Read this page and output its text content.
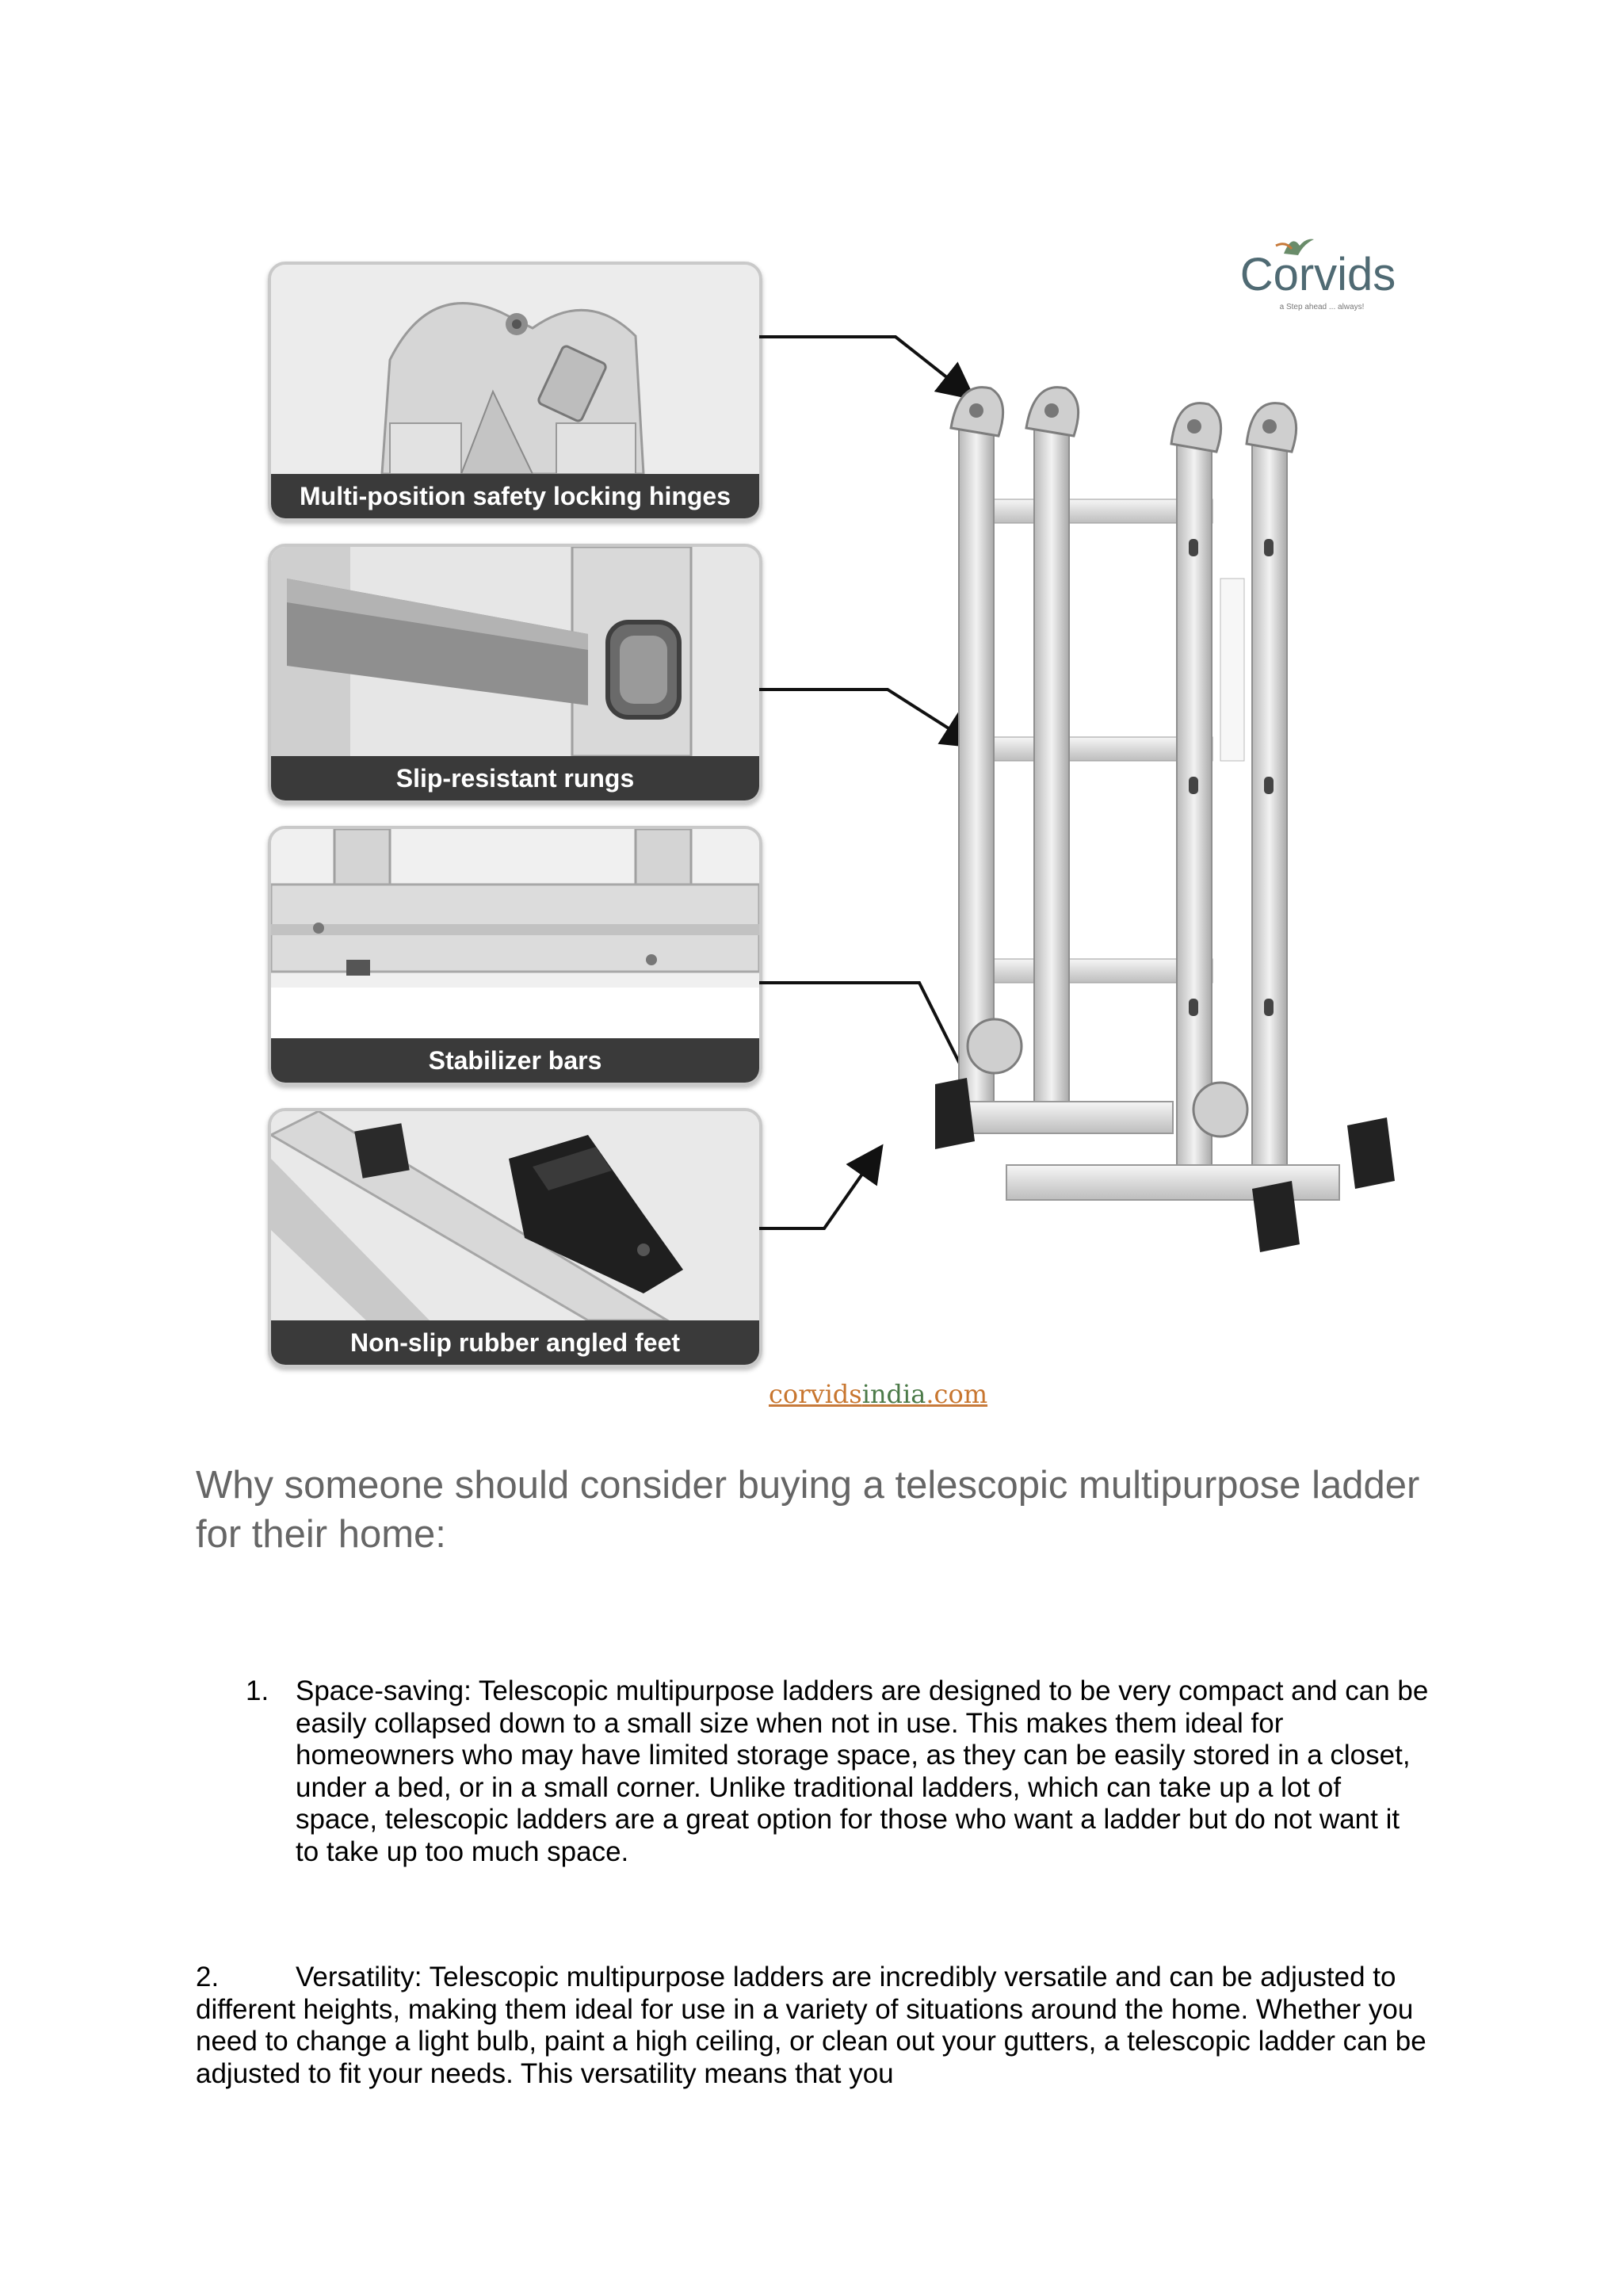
Multi-position safety locking hinges
Slip-resistant rungs
Stabilizer bars
Non-slip rubber angled feet
Corvids
a Step ahead ... always!
corvidsindia.com
Why someone should consider buying a telescopic multipurpose ladder for their home:
1. Space-saving: Telescopic multipurpose ladders are designed to be very compact and can be easily collapsed down to a small size when not in use. This makes them ideal for homeowners who may have limited storage space, as they can be easily stored in a closet, under a bed, or in a small corner. Unlike traditional ladders, which can take up a lot of space, telescopic ladders are a great option for those who want a ladder but do not want it to take up too much space.
2.	Versatility: Telescopic multipurpose ladders are incredibly versatile and can be adjusted to different heights, making them ideal for use in a variety of situations around the home. Whether you need to change a light bulb, paint a high ceiling, or clean out your gutters, a telescopic ladder can be adjusted to fit your needs. This versatility means that you
